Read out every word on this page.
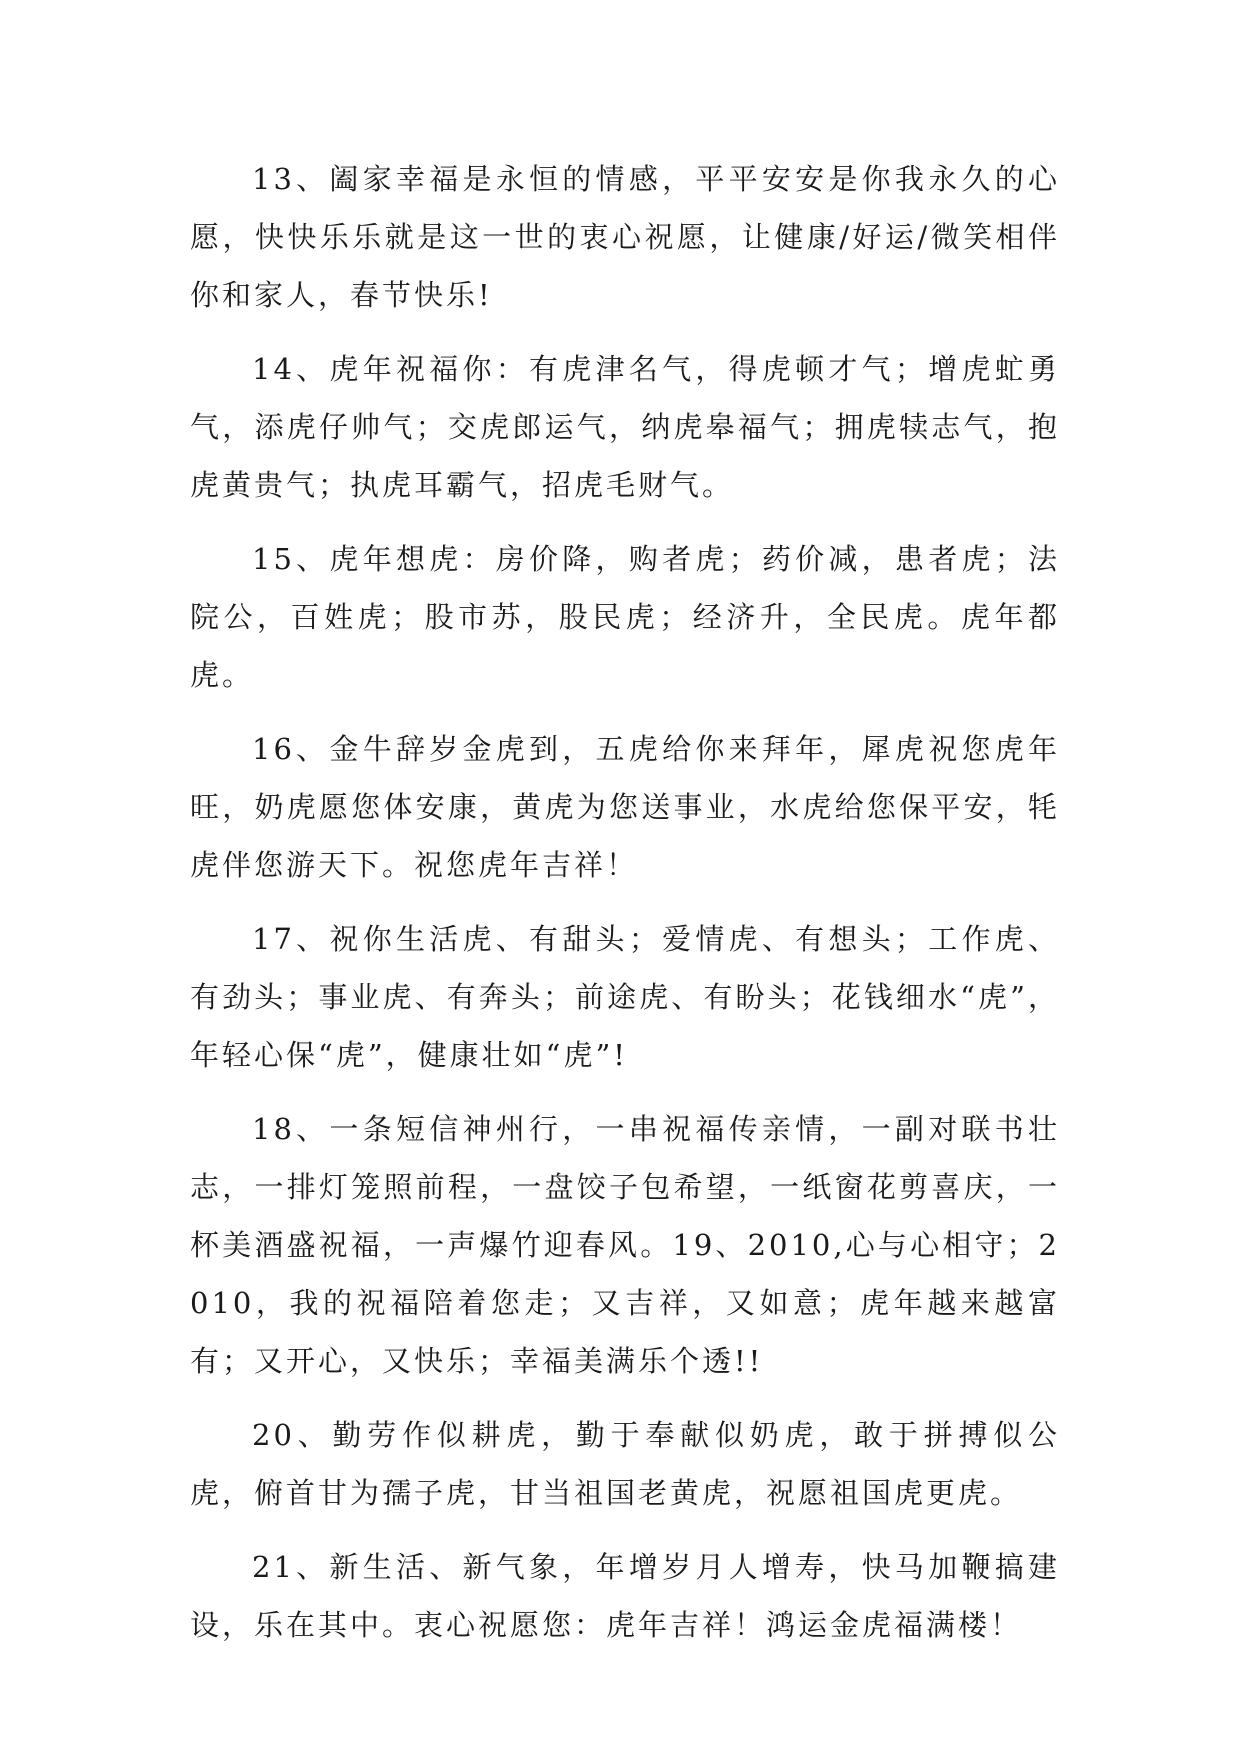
13、阖家幸福是永恒的情感，平平安安是你我永久的心愿，快快乐乐就是这一世的衷心祝愿，让健康/好运/微笑相伴你和家人，春节快乐!

14、虎年祝福你：有虎津名气，得虎顿才气；增虎虻勇气，添虎仔帅气；交虎郎运气，纳虎皋福气；拥虎犊志气，抱虎黄贵气；执虎耳霸气，招虎毛财气。

15、虎年想虎：房价降，购者虎；药价减，患者虎；法院公，百姓虎；股市苏，股民虎；经济升，全民虎。虎年都虎。

16、金牛辞岁金虎到，五虎给你来拜年，犀虎祝您虎年旺，奶虎愿您体安康，黄虎为您送事业，水虎给您保平安，牦虎伴您游天下。祝您虎年吉祥！

17、祝你生活虎、有甜头；爱情虎、有想头；工作虎、有劲头；事业虎、有奔头；前途虎、有盼头；花钱细水“虎”，年轻心保“虎”，健康壮如“虎”!

18、一条短信神州行，一串祝福传亲情，一副对联书壮志，一排灯笼照前程，一盘饺子包希望，一纸窗花剪喜庆，一杯美酒盛祝福，一声爆竹迎春风。19、2010,心与心相守；2010，我的祝福陪着您走；又吉祥，又如意；虎年越来越富有；又开心，又快乐；幸福美满乐个透!!

20、勤劳作似耕虎，勤于奉献似奶虎，敢于拼搏似公虎，俯首甘为孺子虎，甘当祖国老黄虎，祝愿祖国虎更虎。

21、新生活、新气象，年增岁月人增寿，快马加鞭搞建设，乐在其中。衷心祝愿您：虎年吉祥！鸿运金虎福满楼！
